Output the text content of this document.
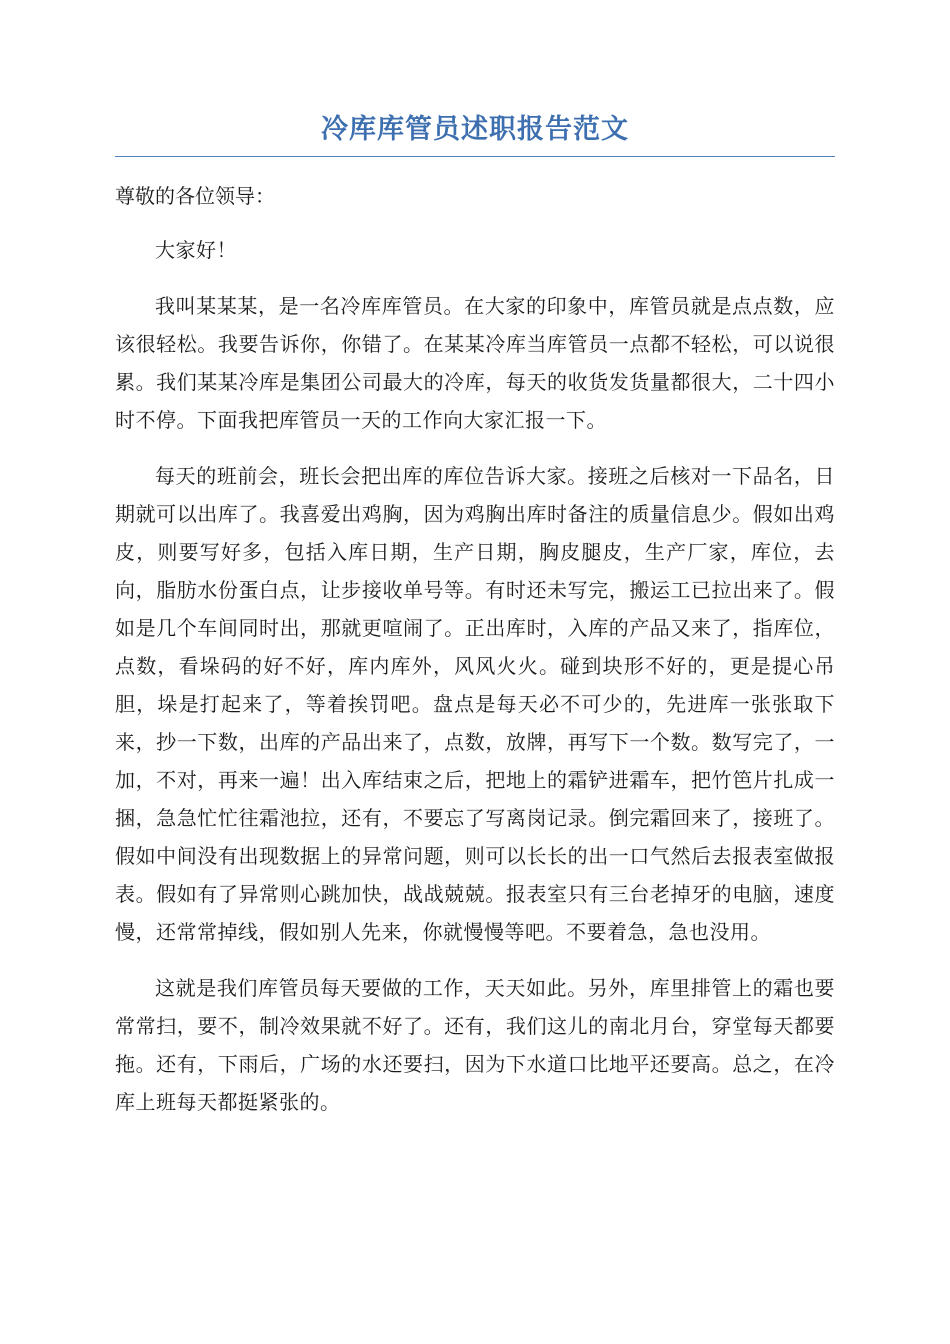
冷库库管员述职报告范文

尊敬的各位领导：

大家好！

我叫某某某，是一名冷库库管员。在大家的印象中，库管员就是点点数，应该很轻松。我要告诉你，你错了。在某某冷库当库管员一点都不轻松，可以说很累。我们某某冷库是集团公司最大的冷库，每天的收货发货量都很大，二十四小时不停。下面我把库管员一天的工作向大家汇报一下。

每天的班前会，班长会把出库的库位告诉大家。接班之后核对一下品名，日期就可以出库了。我喜爱出鸡胸，因为鸡胸出库时备注的质量信息少。假如出鸡皮，则要写好多，包括入库日期，生产日期，胸皮腿皮，生产厂家，库位，去向，脂肪水份蛋白点，让步接收单号等。有时还未写完，搬运工已拉出来了。假如是几个车间同时出，那就更喧闹了。正出库时，入库的产品又来了，指库位，点数，看垛码的好不好，库内库外，风风火火。碰到块形不好的，更是提心吊胆，垛是打起来了，等着挨罚吧。盘点是每天必不可少的，先进库一张张取下来，抄一下数，出库的产品出来了，点数，放牌，再写下一个数。数写完了，一加，不对，再来一遍！出入库结束之后，把地上的霜铲进霜车，把竹笆片扎成一捆，急急忙忙往霜池拉，还有，不要忘了写离岗记录。倒完霜回来了，接班了。假如中间没有出现数据上的异常问题，则可以长长的出一口气然后去报表室做报表。假如有了异常则心跳加快，战战兢兢。报表室只有三台老掉牙的电脑，速度慢，还常常掉线，假如别人先来，你就慢慢等吧。不要着急，急也没用。

这就是我们库管员每天要做的工作，天天如此。另外，库里排管上的霜也要常常扫，要不，制冷效果就不好了。还有，我们这儿的南北月台，穿堂每天都要拖。还有，下雨后，广场的水还要扫，因为下水道口比地平还要高。总之，在冷库上班每天都挺紧张的。
